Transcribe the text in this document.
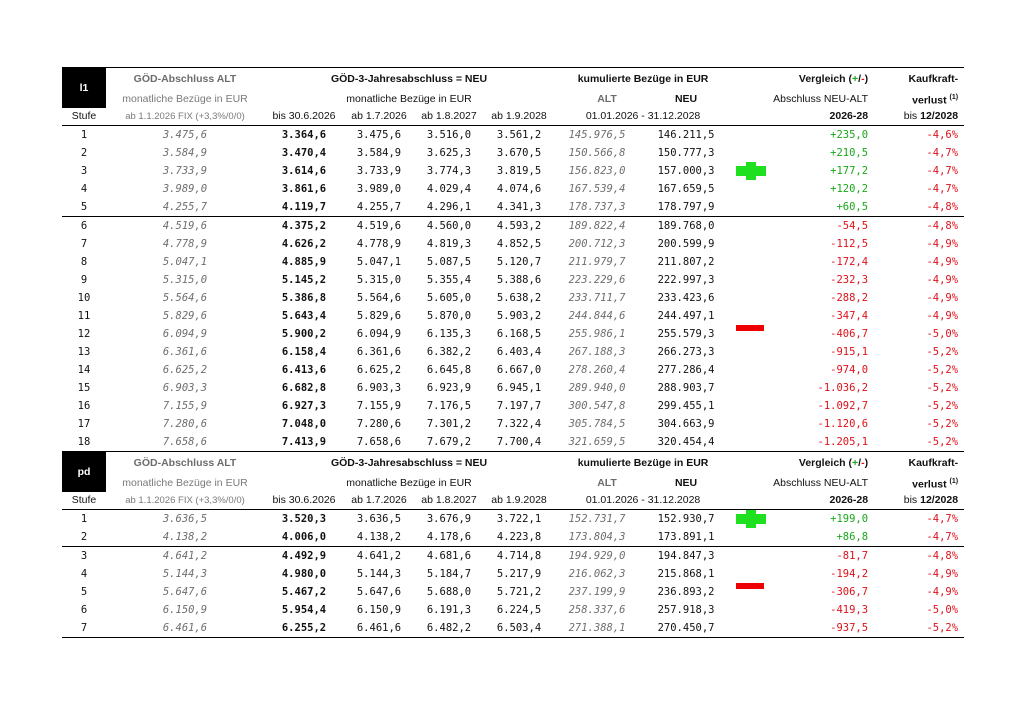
l1	GÖD-Abschluss ALT	GÖD-3-Jahresabschluss = NEU				kumulierte Bezüge in EUR		Vergleich (+/-)		Kaufkraft-
	monatliche Bezüge in EUR	monatliche Bezüge in EUR				ALT	NEU	Abschluss NEU-ALT		verlust $^{(1)}$
Stufe	ab 1.1.2026 FIX (+3,3%/0/0)	bis 30.6.2026	ab 1.7.2026	ab 1.8.2027	ab 1.9.2028	01.01.2026 - 31.12.2028		2026-28		bis 12/2028
1	3.475,6	3.364,6	3.475,6	3.516,0	3.561,2	145.976,5	146.211,5		+235,0	-4,6%
2	3.584,9	3.470,4	3.584,9	3.625,3	3.670,5	150.566,8	150.777,3		+210,5	-4,7%
3	3.733,9	3.614,6	3.733,9	3.774,3	3.819,5	156.823,0	157.000,3		+177,2	-4,7%
4	3.989,0	3.861,6	3.989,0	4.029,4	4.074,6	167.539,4	167.659,5		+120,2	-4,7%
5	4.255,7	4.119,7	4.255,7	4.296,1	4.341,3	178.737,3	178.797,9		+60,5	-4,8%
6	4.519,6	4.375,2	4.519,6	4.560,0	4.593,2	189.822,4	189.768,0		-54,5	-4,8%
7	4.778,9	4.626,2	4.778,9	4.819,3	4.852,5	200.712,3	200.599,9		-112,5	-4,9%
8	5.047,1	4.885,9	5.047,1	5.087,5	5.120,7	211.979,7	211.807,2		-172,4	-4,9%
9	5.315,0	5.145,2	5.315,0	5.355,4	5.388,6	223.229,6	222.997,3		-232,3	-4,9%
10	5.564,6	5.386,8	5.564,6	5.605,0	5.638,2	233.711,7	233.423,6		-288,2	-4,9%
11	5.829,6	5.643,4	5.829,6	5.870,0	5.903,2	244.844,6	244.497,1		-347,4	-4,9%
12	6.094,9	5.900,2	6.094,9	6.135,3	6.168,5	255.986,1	255.579,3		-406,7	-5,0%
13	6.361,6	6.158,4	6.361,6	6.382,2	6.403,4	267.188,3	266.273,3		-915,1	-5,2%
14	6.625,2	6.413,6	6.625,2	6.645,8	6.667,0	278.260,4	277.286,4		-974,0	-5,2%
15	6.903,3	6.682,8	6.903,3	6.923,9	6.945,1	289.940,0	288.903,7		-1.036,2	-5,2%
16	7.155,9	6.927,3	7.155,9	7.176,5	7.197,7	300.547,8	299.455,1		-1.092,7	-5,2%
17	7.280,6	7.048,0	7.280,6	7.301,2	7.322,4	305.784,5	304.663,9		-1.120,6	-5,2%
18	7.658,6	7.413,9	7.658,6	7.679,2	7.700,4	321.659,5	320.454,4		-1.205,1	-5,2%
pd	GÖD-Abschluss ALT	GÖD-3-Jahresabschluss = NEU				kumulierte Bezüge in EUR		Vergleich (+/-)		Kaufkraft-
	monatliche Bezüge in EUR	monatliche Bezüge in EUR				ALT	NEU	Abschluss NEU-ALT		verlust $^{(1)}$
Stufe	ab 1.1.2026 FIX (+3,3%/0/0)	bis 30.6.2026	ab 1.7.2026	ab 1.8.2027	ab 1.9.2028	01.01.2026 - 31.12.2028		2026-28		bis 12/2028
1	3.636,5	3.520,3	3.636,5	3.676,9	3.722,1	152.731,7	152.930,7		+199,0	-4,7%
2	4.138,2	4.006,0	4.138,2	4.178,6	4.223,8	173.804,3	173.891,1		+86,8	-4,7%
3	4.641,2	4.492,9	4.641,2	4.681,6	4.714,8	194.929,0	194.847,3		-81,7	-4,8%
4	5.144,3	4.980,0	5.144,3	5.184,7	5.217,9	216.062,3	215.868,1		-194,2	-4,9%
5	5.647,6	5.467,2	5.647,6	5.688,0	5.721,2	237.199,9	236.893,2		-306,7	-4,9%
6	6.150,9	5.954,4	6.150,9	6.191,3	6.224,5	258.337,6	257.918,3		-419,3	-5,0%
7	6.461,6	6.255,2	6.461,6	6.482,2	6.503,4	271.388,1	270.450,7		-937,5	-5,2%
